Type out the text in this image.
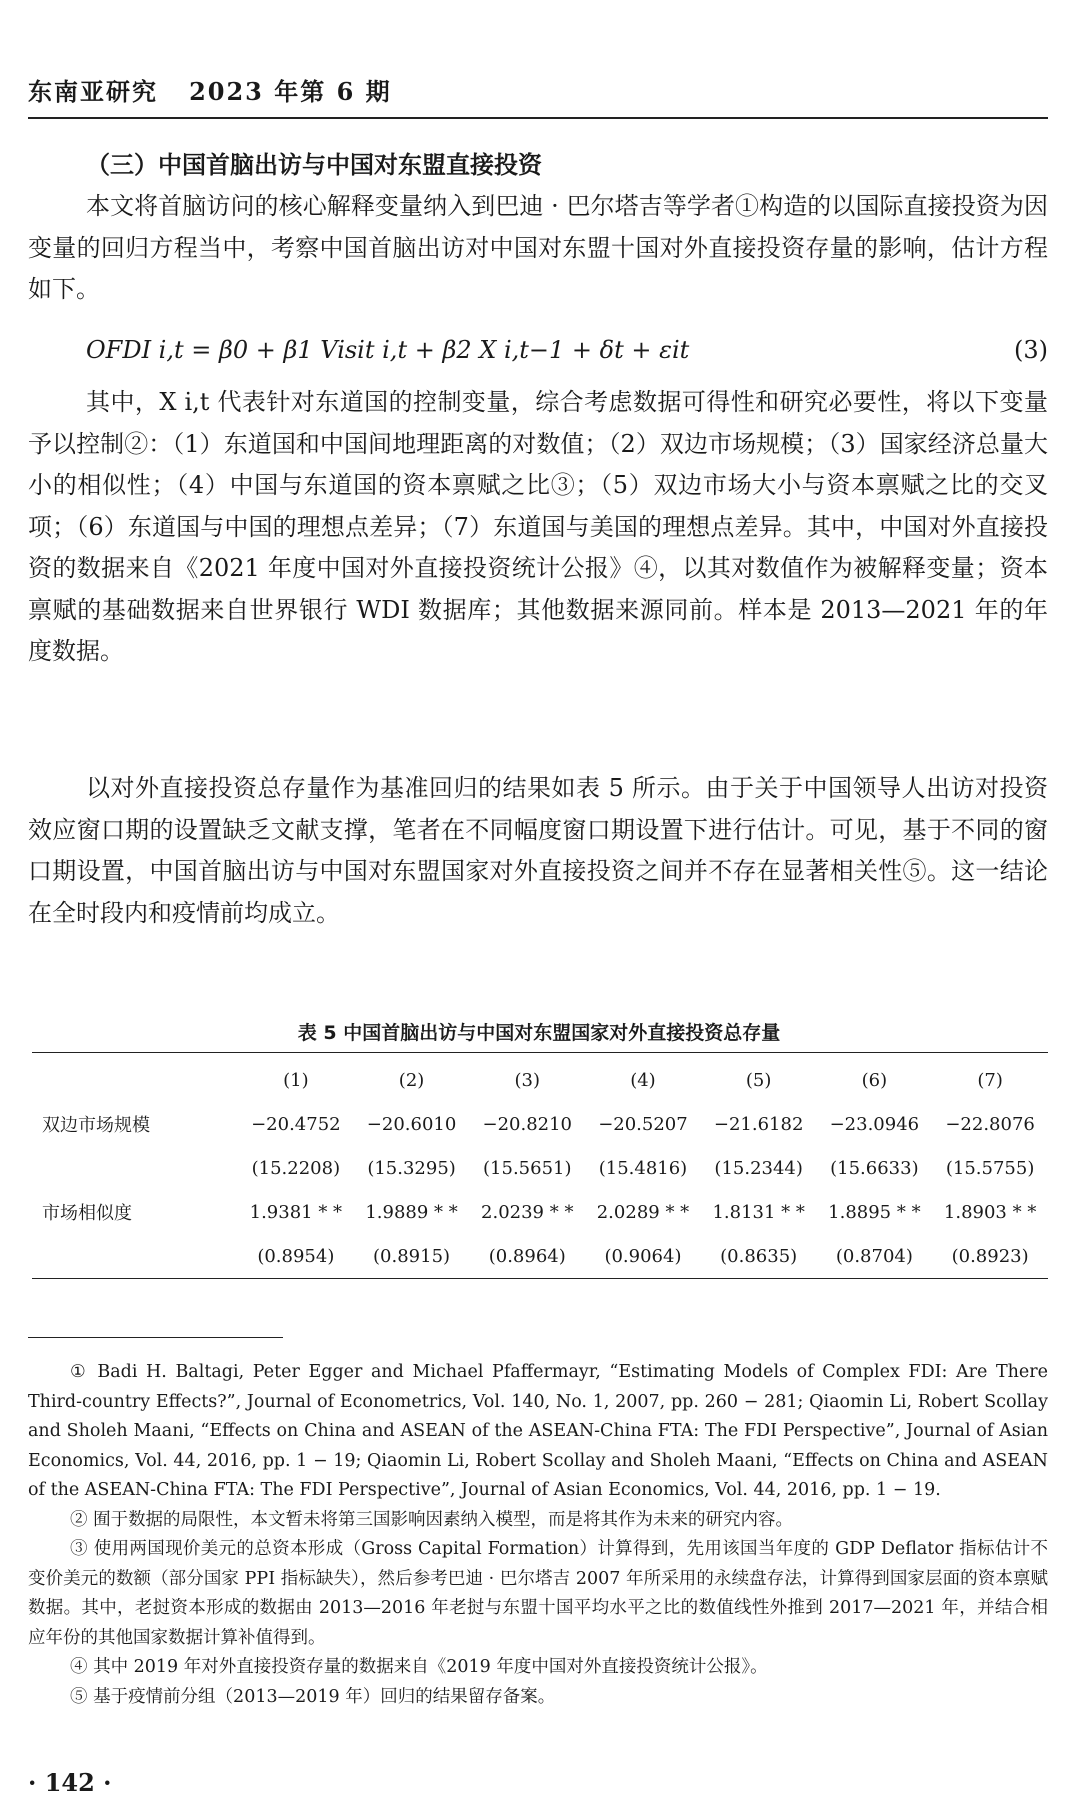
东南亚研究 2023 年第 6 期
（三）中国首脑出访与中国对东盟直接投资
本文将首脑访问的核心解释变量纳入到巴迪 · 巴尔塔吉等学者①构造的以国际直接投资为因变量的回归方程当中，考察中国首脑出访对中国对东盟十国对外直接投资存量的影响，估计方程如下。
OFDI i,t = β0 + β1 Visit i,t + β2 X i,t−1 + δt + εit	(3)
其中，X i,t 代表针对东道国的控制变量，综合考虑数据可得性和研究必要性，将以下变量予以控制②：（1）东道国和中国间地理距离的对数值；（2）双边市场规模；（3）国家经济总量大小的相似性；（4）中国与东道国的资本禀赋之比③；（5）双边市场大小与资本禀赋之比的交叉项；（6）东道国与中国的理想点差异；（7）东道国与美国的理想点差异。其中，中国对外直接投资的数据来自《2021 年度中国对外直接投资统计公报》④，以其对数值作为被解释变量；资本禀赋的基础数据来自世界银行 WDI 数据库；其他数据来源同前。样本是 2013—2021 年的年度数据。
以对外直接投资总存量作为基准回归的结果如表 5 所示。由于关于中国领导人出访对投资效应窗口期的设置缺乏文献支撑，笔者在不同幅度窗口期设置下进行估计。可见，基于不同的窗口期设置，中国首脑出访与中国对东盟国家对外直接投资之间并不存在显著相关性⑤。这一结论在全时段内和疫情前均成立。
表 5 中国首脑出访与中国对东盟国家对外直接投资总存量
	(1)	(2)	(3)	(4)	(5)	(6)	(7)
双边市场规模	−20.4752	−20.6010	−20.8210	−20.5207	−21.6182	−23.0946	−22.8076
	(15.2208)	(15.3295)	(15.5651)	(15.4816)	(15.2344)	(15.6633)	(15.5755)
市场相似度	1.9381 * *	1.9889 * *	2.0239 * *	2.0289 * *	1.8131 * *	1.8895 * *	1.8903 * *
	(0.8954)	(0.8915)	(0.8964)	(0.9064)	(0.8635)	(0.8704)	(0.8923)

① Badi H. Baltagi, Peter Egger and Michael Pfaffermayr, “Estimating Models of Complex FDI: Are There Third-country Effects?”, Journal of Econometrics, Vol. 140, No. 1, 2007, pp. 260 − 281; Qiaomin Li, Robert Scollay and Sholeh Maani, “Effects on China and ASEAN of the ASEAN-China FTA: The FDI Perspective”, Journal of Asian Economics, Vol. 44, 2016, pp. 1 − 19; Qiaomin Li, Robert Scollay and Sholeh Maani, “Effects on China and ASEAN of the ASEAN-China FTA: The FDI Perspective”, Journal of Asian Economics, Vol. 44, 2016, pp. 1 − 19.

② 囿于数据的局限性，本文暂未将第三国影响因素纳入模型，而是将其作为未来的研究内容。

③ 使用两国现价美元的总资本形成（Gross Capital Formation）计算得到，先用该国当年度的 GDP Deflator 指标估计不变价美元的数额（部分国家 PPI 指标缺失），然后参考巴迪 · 巴尔塔吉 2007 年所采用的永续盘存法，计算得到国家层面的资本禀赋数据。其中，老挝资本形成的数据由 2013—2016 年老挝与东盟十国平均水平之比的数值线性外推到 2017—2021 年，并结合相应年份的其他国家数据计算补值得到。

④ 其中 2019 年对外直接投资存量的数据来自《2019 年度中国对外直接投资统计公报》。

⑤ 基于疫情前分组（2013—2019 年）回归的结果留存备案。

· 142 ·
